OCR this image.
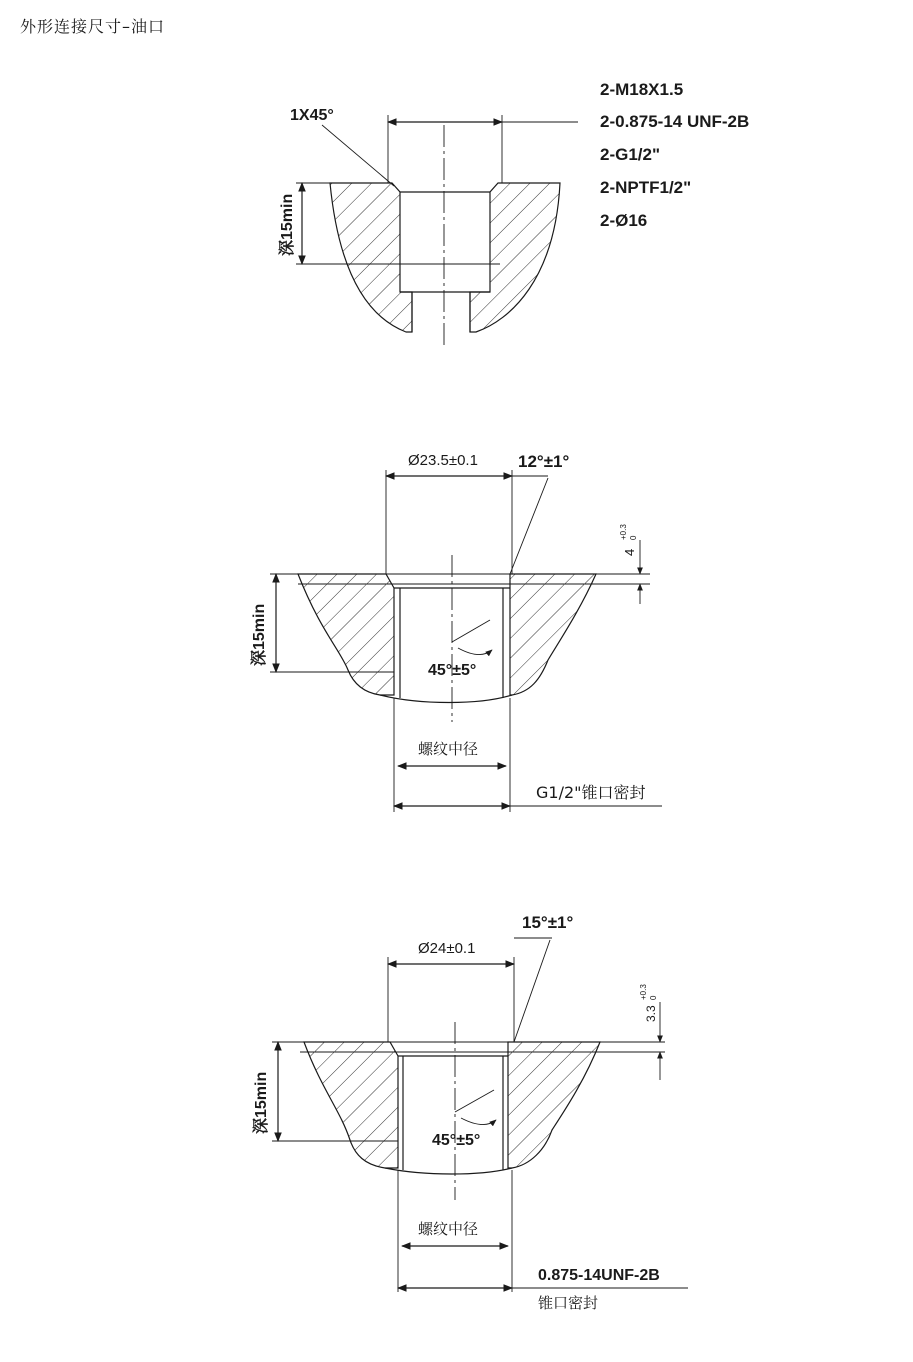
外形连接尺寸–油口
1X45°
深15min
2-M18X1.5
2-0.875-14 UNF-2B
2-G1/2"
2-NPTF1/2"
2-Ø16
Ø23.5±0.1 12°±1°
4
+0.3 0
深15min
45°±5°
螺纹中径
G1/2"锥口密封
Ø24±0.1
15°±1°
3.3
+0.3 0
深15min
45°±5°
螺纹中径
0.875-14UNF-2B
锥口密封
